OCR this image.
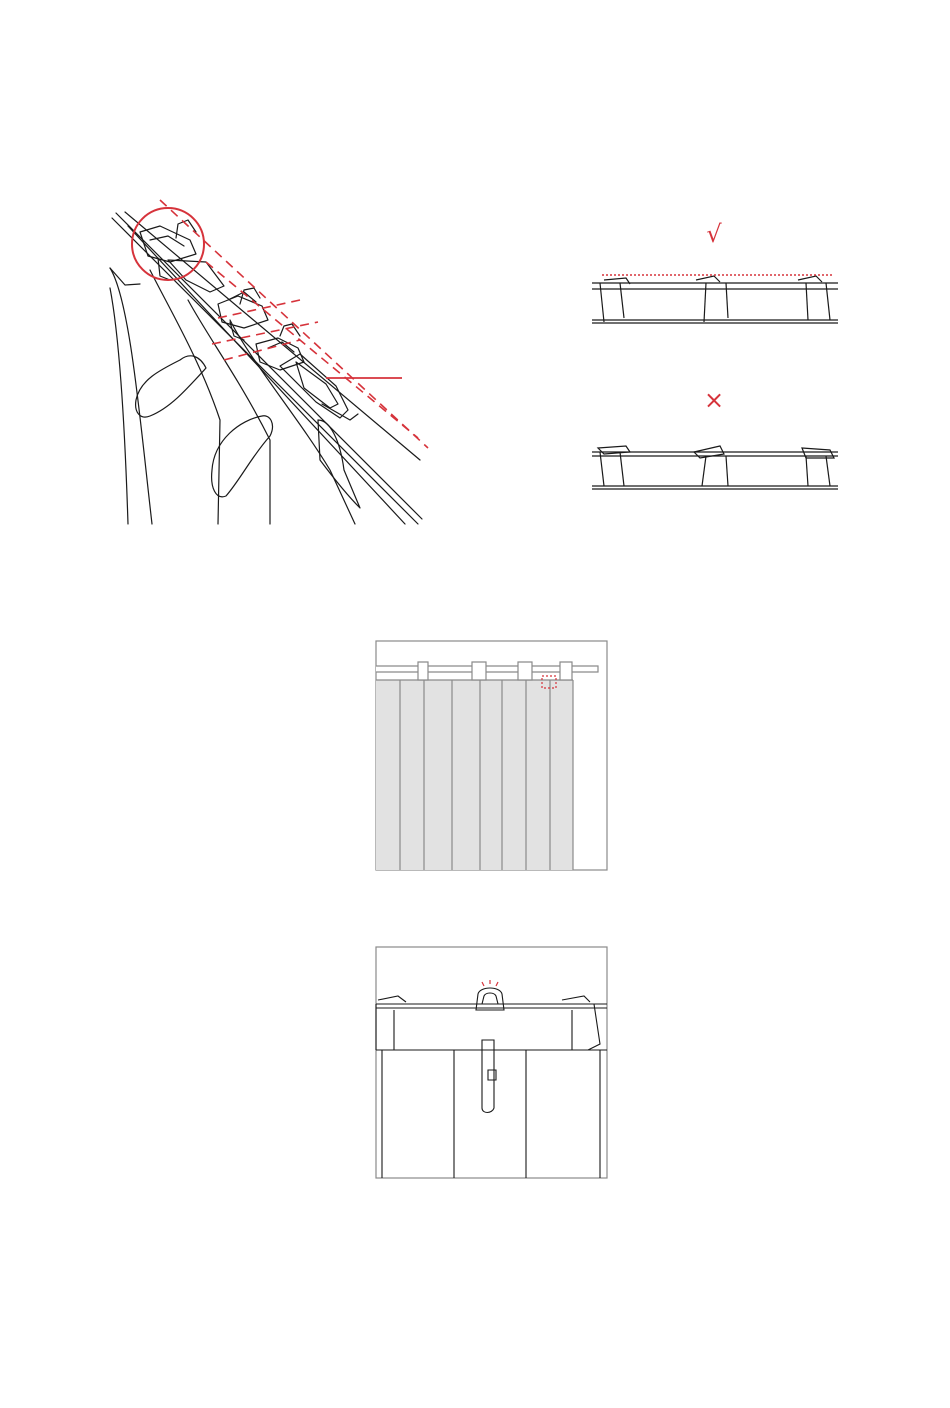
√
×
